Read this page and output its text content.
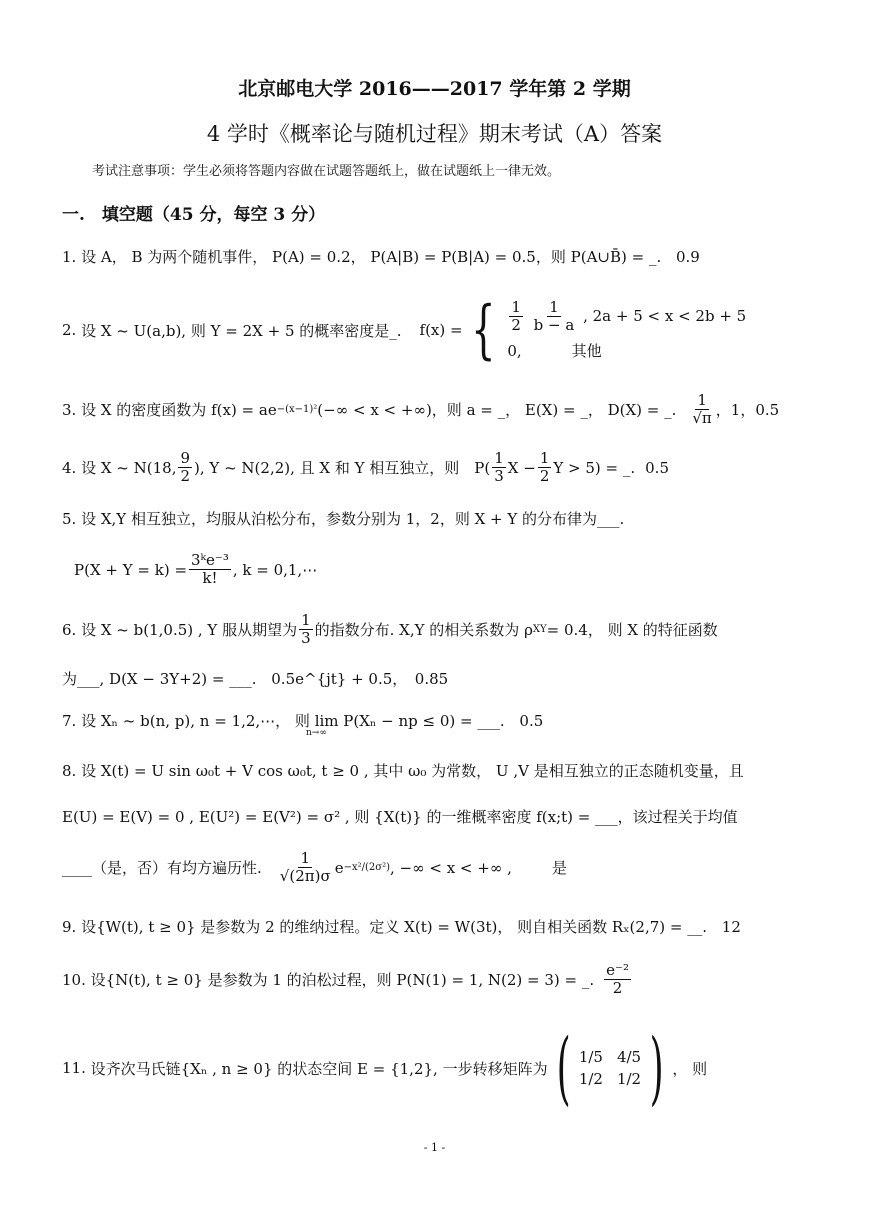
北京邮电大学 2016——2017 学年第 2 学期
4 学时《概率论与随机过程》期末考试（A）答案
考试注意事项：学生必须将答题内容做在试题答题纸上，做在试题纸上一律无效。
一.　填空题（45 分，每空 3 分）
1. 设 A， B 为两个随机事件， P(A) = 0.2， P(A|B) = P(B|A) = 0.5，则 P(A∪B̄) = _. 0.9
2.
设 X ~ U(a,b), 则 Y = 2X + 5 的概率密度是_. f(x) = { $\frac{1}{2}$
$\frac{1}{b - a}$ , 2a + 5 < x < 2b + 5
0,	其他
3.
设 X 的密度函数为 f(x) = ae −(x−1)² (−∞ < x < +∞)，则 a = _， E(X) = _， D(X) = _. $\frac{1}{√\pi}$ ，1，0.5
4.
设 X ~ N(18, $\frac{9}{2}$ ), Y ~ N(2,2), 且 X 和 Y 相互独立，则　$P( \frac{1}{3}$ $X - \frac{1}{2}$ Y > 5) = _. 0.5
5. 设 X,Y 相互独立，均服从泊松分布，参数分别为 1，2，则 X + Y 的分布律为___.
$P(X + Y = k) = \frac{\text{3ᵏe⁻³}}{k!}$ , k = 0,1,⋯
6.
设 X ~ b(1,0.5) , Y 服从期望为 $\frac{1}{3}$ 的指数分布. X,Y 的相关系数为 ρ XY = 0.4， 则 X 的特征函数
为___, D(X − 3Y+2) = ___. 0.5e^{jt} + 0.5，　0.85
7. 设 Xₙ ~ b(n, p), n = 1,2,⋯， 则 lim P(Xₙ − np ≤ 0) = ___. 0.5
n→∞
8. 设 X(t) = U sin ω₀t + V cos ω₀t, t ≥ 0 , 其中 ω₀ 为常数， U ,V 是相互独立的正态随机变量，且
E(U) = E(V) = 0 , E(U²) = E(V²) = σ² , 则 {X(t)} 的一维概率密度 f(x;t) = ___，该过程关于均值
____（是，否）有均方遍历性. $\frac{1}{√(2\pi)\sigma}$ e −x²/(2σ²) , −∞ < x < +∞ ,	是
9. 设{W(t), t ≥ 0} 是参数为 2 的维纳过程。定义 X(t) = W(3t)， 则自相关函数 Rₓ(2,7) = __. 12
10.
设{N(t), t ≥ 0} 是参数为 1 的泊松过程，则 P(N(1) = 1, N(2) = 3) = _. $\frac{\text{e⁻²}}{2}$
11.
设齐次马氏链{Xₙ , n ≥ 0} 的状态空间 E = {1,2}, 一步转移矩阵为 ( 1/5 4/5
1/2 1/2 ) ， 则
- 1 -
